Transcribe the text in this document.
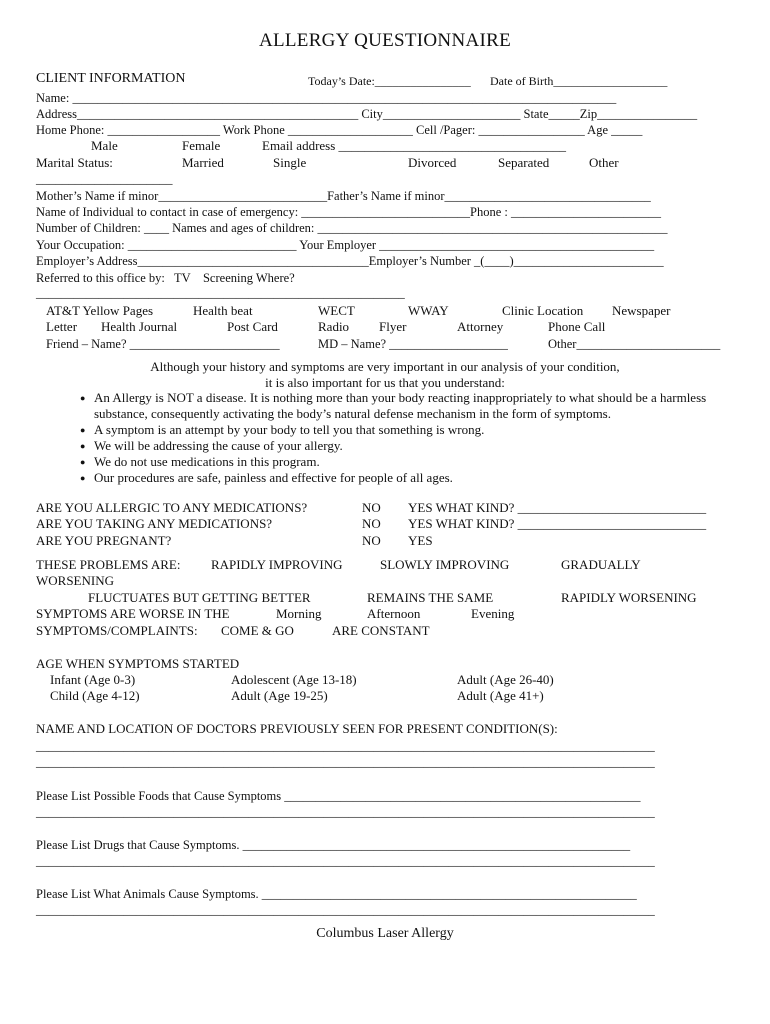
ALLERGY QUESTIONNAIRE
CLIENT INFORMATION	Today’s Date:________________ Date of Birth___________________
Name: _______________________________________________________________________________________
Address_____________________________________________ City______________________ State_____Zip________________
Home Phone: __________________ Work Phone ____________________ Cell /Pager: _________________ Age _____
Male	Female	Email address ___________________________________
Marital Status:	Married	Single	Divorced	Separated	Other
_____________________
Mother’s Name if minor___________________________Father’s Name if minor_________________________________
Name of Individual to contact in case of emergency: ___________________________Phone : ________________________
Number of Children: ____ Names and ages of children: ________________________________________________________
Your Occupation: ___________________________ Your Employer ____________________________________________
Employer’s Address_____________________________________Employer’s Number _(____)________________________
Referred to this office by:   TV    Screening Where?
___________________________________________________________
AT&T Yellow Pages	Health beat	WECT	WWAY	Clinic Location Newspaper
Letter Health Journal	Post Card	Radio Flyer	Attorney	Phone Call
Friend – Name? ________________________	MD – Name? ___________________	Other_______________________
Although your history and symptoms are very important in our analysis of your condition,
it is also important for us that you understand:
● An Allergy is NOT a disease. It is nothing more than your body reacting inappropriately to what should be a harmless substance, consequently activating the body’s natural defense mechanism in the form of symptoms.
● A symptom is an attempt by your body to tell you that something is wrong.
● We will be addressing the cause of your allergy.
● We do not use medications in this program.
● Our procedures are safe, painless and effective for people of all ages.
ARE YOU ALLERGIC TO ANY MEDICATIONS?	NO YES WHAT KIND? _____________________________
ARE YOU TAKING ANY MEDICATIONS?	NO YES WHAT KIND? _____________________________
ARE YOU PREGNANT?	NO YES
THESE PROBLEMS ARE: RAPIDLY IMPROVING	SLOWLY IMPROVING	GRADUALLY
WORSENING
FLUCTUATES BUT GETTING BETTER	REMAINS THE SAME	RAPIDLY WORSENING
SYMPTOMS ARE WORSE IN THE	Morning	Afternoon	Evening
SYMPTOMS/COMPLAINTS: COME & GO	ARE CONSTANT
AGE WHEN SYMPTOMS STARTED
Infant (Age 0-3)	Adolescent (Age 13-18)	Adult (Age 26-40)
Child (Age 4-12)	Adult (Age 19-25)	Adult (Age 41+)
NAME AND LOCATION OF DOCTORS PREVIOUSLY SEEN FOR PRESENT CONDITION(S):
___________________________________________________________________________________________________
___________________________________________________________________________________________________
Please List Possible Foods that Cause Symptoms _________________________________________________________
___________________________________________________________________________________________________
Please List Drugs that Cause Symptoms. ______________________________________________________________
___________________________________________________________________________________________________
Please List What Animals Cause Symptoms. ____________________________________________________________
___________________________________________________________________________________________________
Columbus Laser Allergy
